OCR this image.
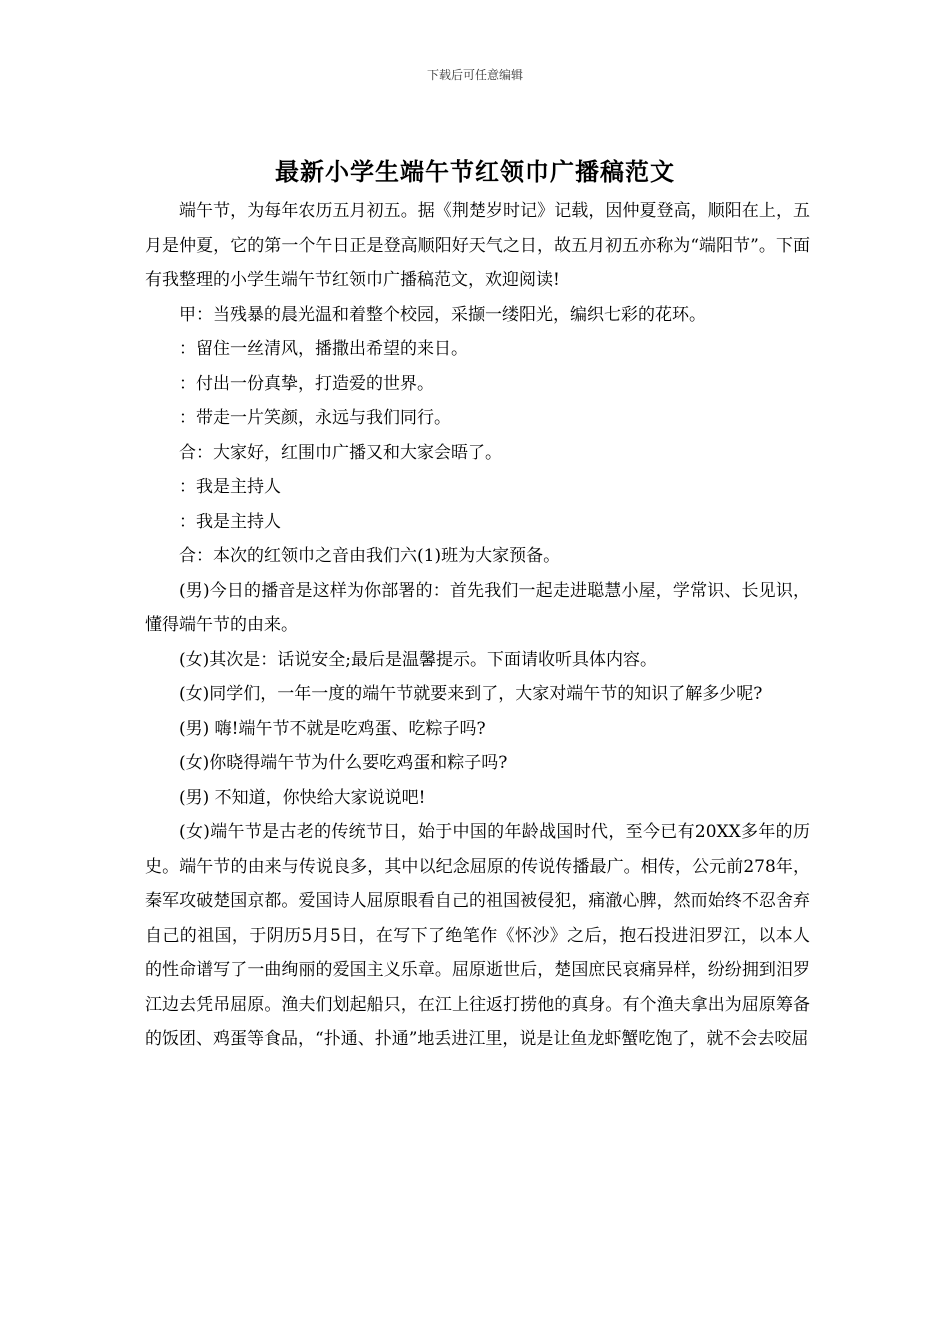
下载后可任意编辑
最新小学生端午节红领巾广播稿范文

端午节，为每年农历五月初五。据《荆楚岁时记》记载，因仲夏登高，顺阳在上，五月是仲夏，它的第一个午日正是登高顺阳好天气之日，故五月初五亦称为“端阳节”。下面有我整理的小学生端午节红领巾广播稿范文，欢迎阅读!

甲：当残暴的晨光温和着整个校园，采撷一缕阳光，编织七彩的花环。

：留住一丝清风，播撒出希望的来日。

：付出一份真挚，打造爱的世界。

：带走一片笑颜，永远与我们同行。

合：大家好，红围巾广播又和大家会晤了。

：我是主持人

：我是主持人

合：本次的红领巾之音由我们六(1)班为大家预备。

(男)今日的播音是这样为你部署的：首先我们一起走进聪慧小屋，学常识、长见识，懂得端午节的由来。

(女)其次是：话说安全;最后是温馨提示。下面请收听具体内容。

(女)同学们，一年一度的端午节就要来到了，大家对端午节的知识了解多少呢?

(男) 嗨!端午节不就是吃鸡蛋、吃粽子吗?

(女)你晓得端午节为什么要吃鸡蛋和粽子吗?

(男) 不知道，你快给大家说说吧!

(女)端午节是古老的传统节日，始于中国的年龄战国时代，至今已有20XX多年的历史。端午节的由来与传说良多，其中以纪念屈原的传说传播最广。相传，公元前278年，秦军攻破楚国京都。爱国诗人屈原眼看自己的祖国被侵犯，痛澈心脾，然而始终不忍舍弃自己的祖国，于阴历5月5日，在写下了绝笔作《怀沙》之后，抱石投进汨罗江，以本人的性命谱写了一曲绚丽的爱国主义乐章。屈原逝世后，楚国庶民哀痛异样，纷纷拥到汨罗江边去凭吊屈原。渔夫们划起船只，在江上往返打捞他的真身。有个渔夫拿出为屈原筹备的饭团、鸡蛋等食品，“扑通、扑通”地丢进江里，说是让鱼龙虾蟹吃饱了，就不会去咬屈
